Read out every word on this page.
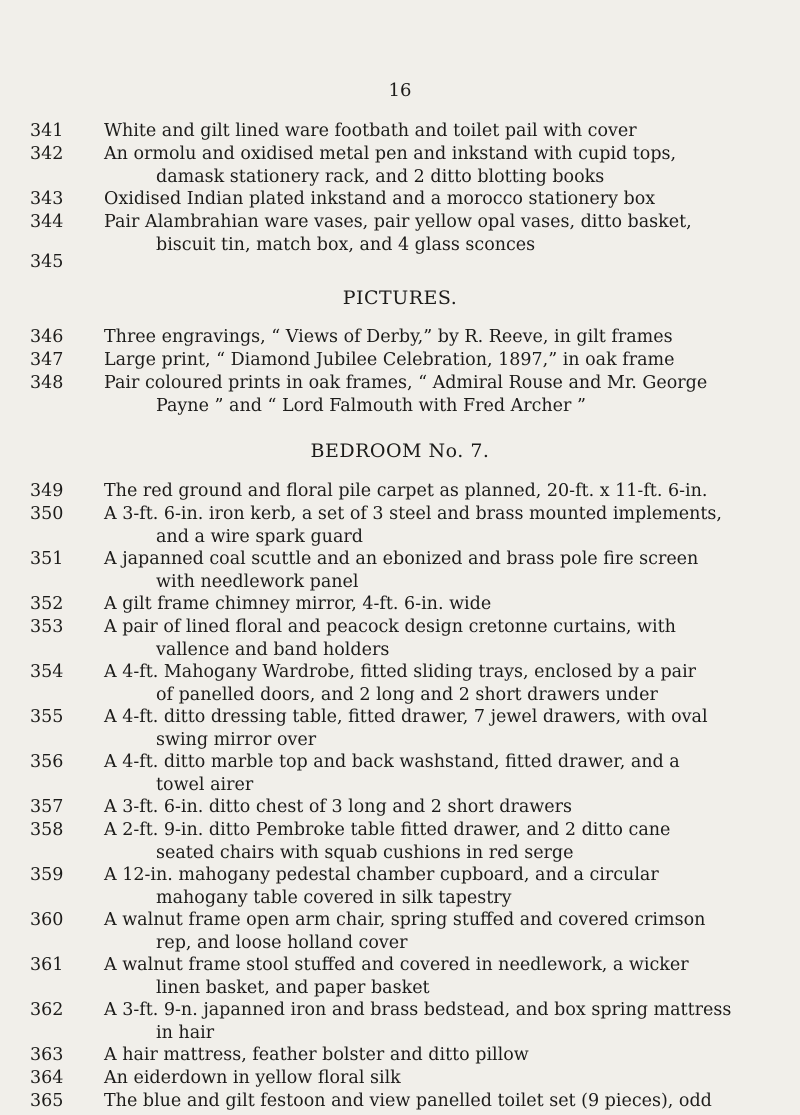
16
341	White and gilt lined ware footbath and toilet pail with cover
342	An ormolu and oxidised metal pen and inkstand with cupid tops,
damask stationery rack, and 2 ditto blotting books
343	Oxidised Indian plated inkstand and a morocco stationery box
344	Pair Alambrahian ware vases, pair yellow opal vases, ditto basket,
biscuit tin, match box, and 4 glass sconces
345
PICTURES.
346	Three engravings, “ Views of Derby,” by R. Reeve, in gilt frames
347	Large print, “ Diamond Jubilee Celebration, 1897,” in oak frame
348	Pair coloured prints in oak frames, “ Admiral Rouse and Mr. George
Payne ” and “ Lord Falmouth with Fred Archer ”
BEDROOM No. 7.
349	The red ground and floral pile carpet as planned, 20-ft. x 11-ft. 6-in.
350	A 3-ft. 6-in. iron kerb, a set of 3 steel and brass mounted implements,
and a wire spark guard
351	A japanned coal scuttle and an ebonized and brass pole fire screen
with needlework panel
352	A gilt frame chimney mirror, 4-ft. 6-in. wide
353	A pair of lined floral and peacock design cretonne curtains, with
vallence and band holders
354	A 4-ft. Mahogany Wardrobe, fitted sliding trays, enclosed by a pair
of panelled doors, and 2 long and 2 short drawers under
355	A 4-ft. ditto dressing table, fitted drawer, 7 jewel drawers, with oval
swing mirror over
356	A 4-ft. ditto marble top and back washstand, fitted drawer, and a
towel airer
357	A 3-ft. 6-in. ditto chest of 3 long and 2 short drawers
358	A 2-ft. 9-in. ditto Pembroke table fitted drawer, and 2 ditto cane
seated chairs with squab cushions in red serge
359	A 12-in. mahogany pedestal chamber cupboard, and a circular
mahogany table covered in silk tapestry
360	A walnut frame open arm chair, spring stuffed and covered crimson
rep, and loose holland cover
361	A walnut frame stool stuffed and covered in needlework, a wicker
linen basket, and paper basket
362	A 3-ft. 9-n. japanned iron and brass bedstead, and box spring mattress
in hair
363	A hair mattress, feather bolster and ditto pillow
364	An eiderdown in yellow floral silk
365	The blue and gilt festoon and view panelled toilet set (9 pieces), odd
